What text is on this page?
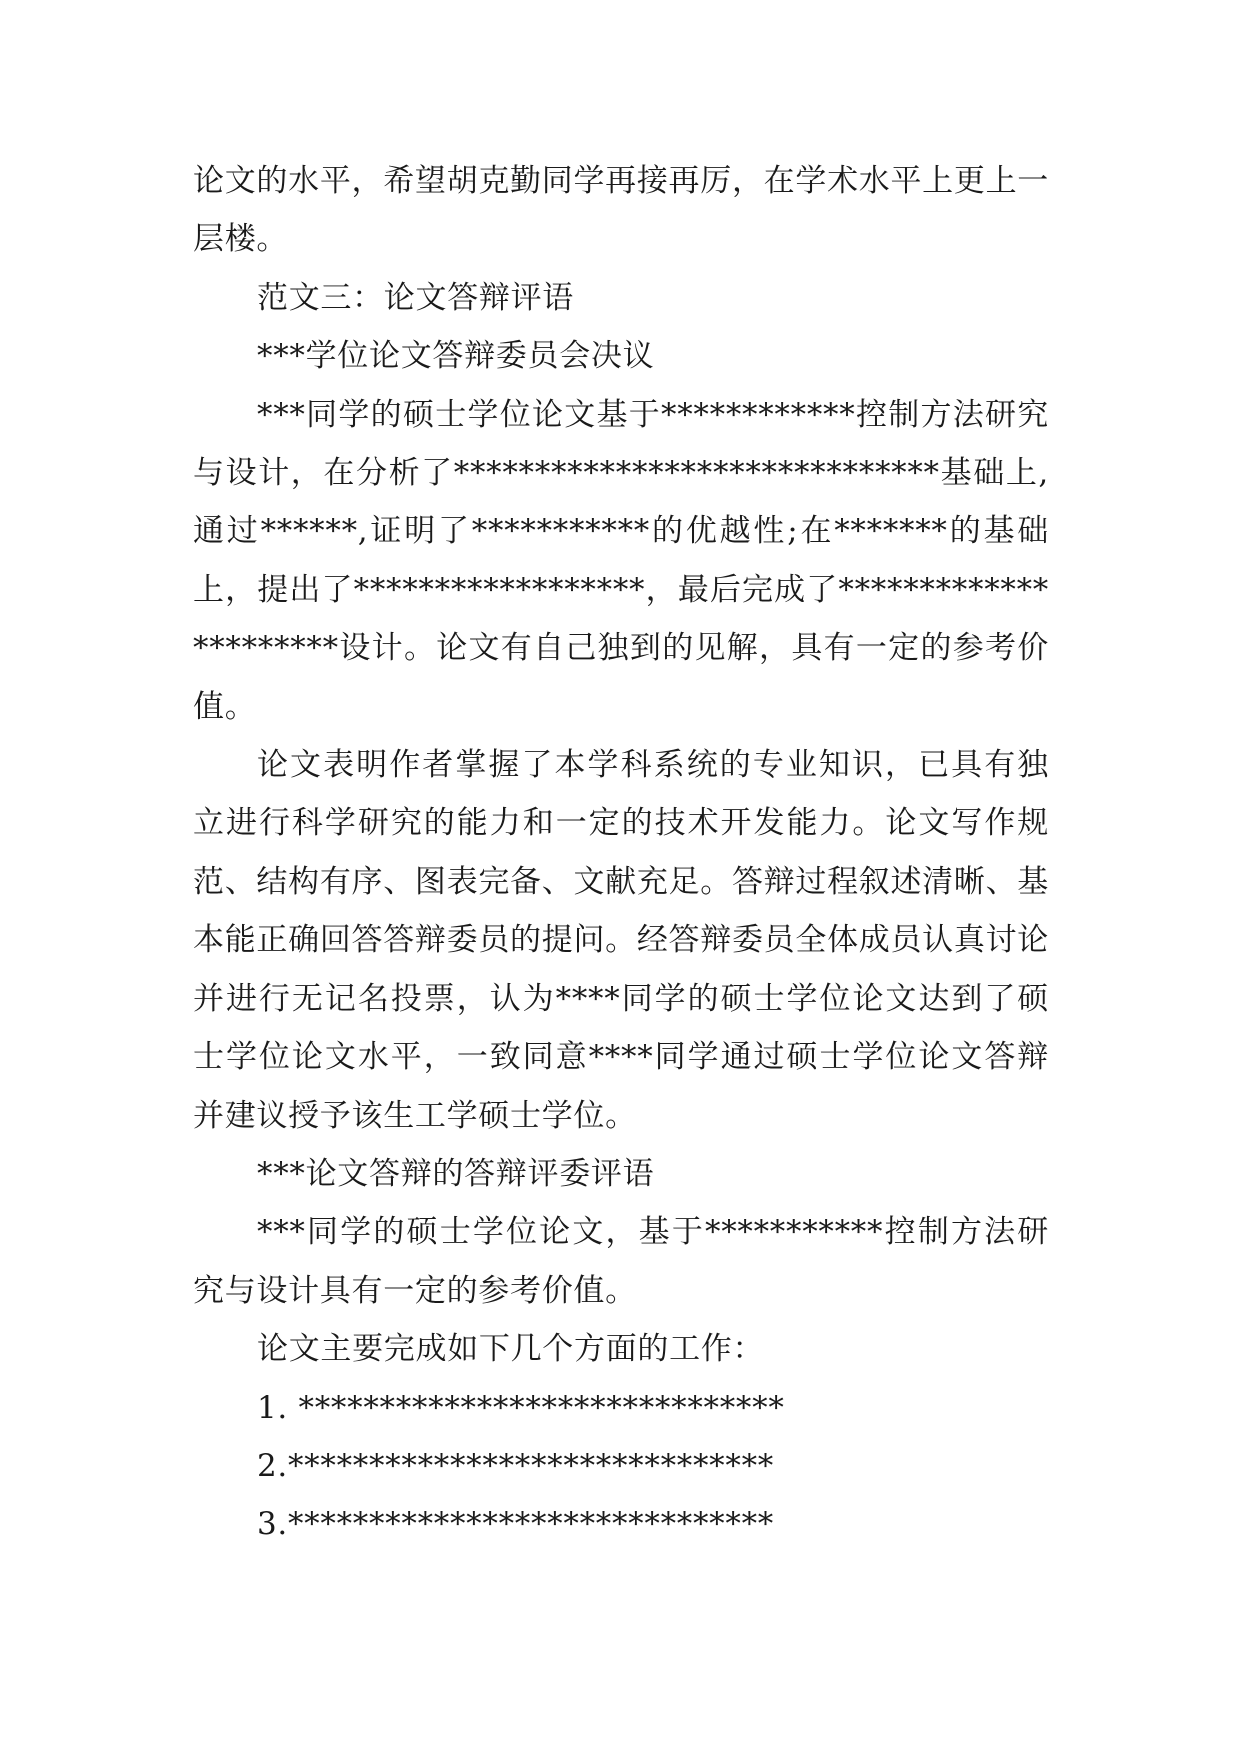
论文的水平，希望胡克勤同学再接再厉，在学术水平上更上一层楼。

范文三：论文答辩评语

***学位论文答辩委员会决议

***同学的硕士学位论文基于************控制方法研究与设计，在分析了******************************基础上,通过******,证明了***********的优越性;在*******的基础上，提出了******************，最后完成了**********************设计。论文有自己独到的见解，具有一定的参考价值。

论文表明作者掌握了本学科系统的专业知识，已具有独立进行科学研究的能力和一定的技术开发能力。论文写作规范、结构有序、图表完备、文献充足。答辩过程叙述清晰、基本能正确回答答辩委员的提问。经答辩委员全体成员认真讨论并进行无记名投票，认为****同学的硕士学位论文达到了硕士学位论文水平，一致同意****同学通过硕士学位论文答辩并建议授予该生工学硕士学位。

***论文答辩的答辩评委评语

***同学的硕士学位论文，基于***********控制方法研究与设计具有一定的参考价值。

论文主要完成如下几个方面的工作：

1. ******************************

2.******************************

3.******************************
